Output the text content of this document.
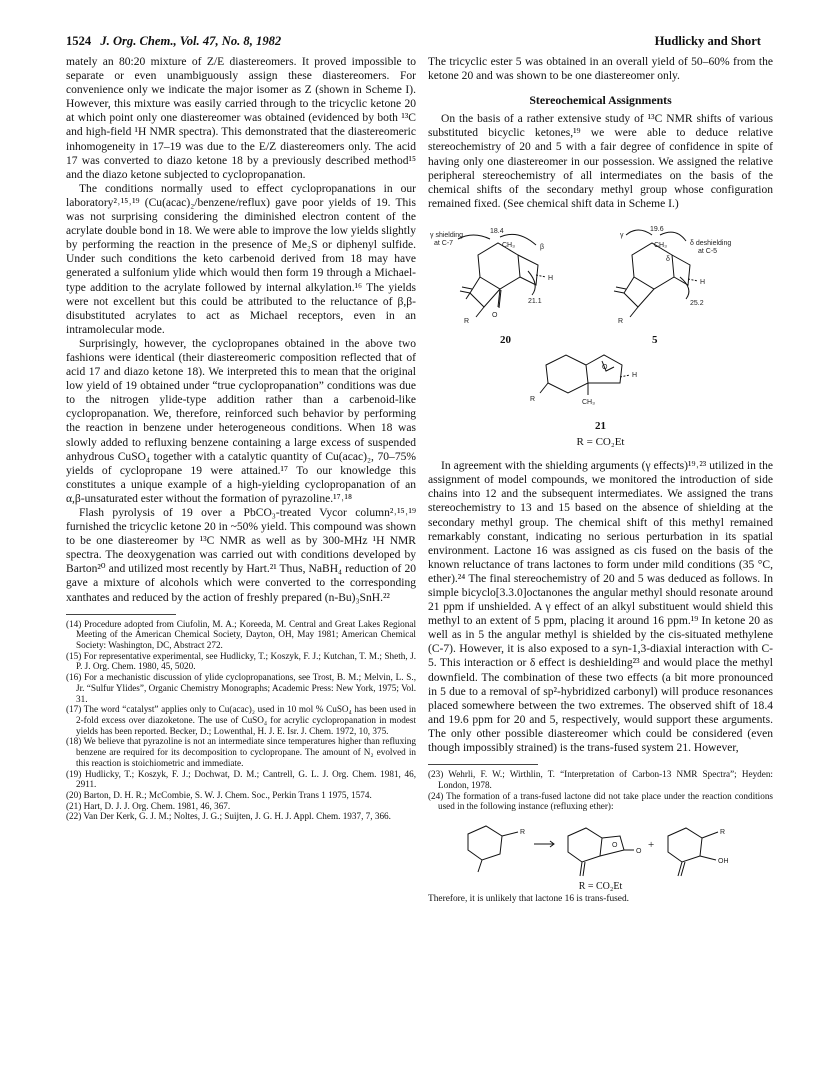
1524 J. Org. Chem., Vol. 47, No. 8, 1982	Hudlicky and Short

mately an 80:20 mixture of Z/E diastereomers. It proved impossible to separate or even unambiguously assign these diastereomers. For convenience only we indicate the major isomer as Z (shown in Scheme I). However, this mixture was easily carried through to the tricyclic ketone 20 at which point only one diastereomer was obtained (evidenced by both ¹³C and high-field ¹H NMR spectra). This demonstrated that the diastereomeric inhomogeneity in 17–19 was due to the E/Z diastereomers only. The acid 17 was converted to diazo ketone 18 by a previously described method¹⁵ and the diazo ketone subjected to cyclopropanation.

The conditions normally used to effect cyclopropanations in our laboratory²˒¹⁵˒¹⁹ (Cu(acac)₂/benzene/reflux) gave poor yields of 19. This was not surprising considering the diminished electron content of the acrylate double bond in 18. We were able to improve the low yields slightly by performing the reaction in the presence of Me₂S or diphenyl sulfide. Under such conditions the keto carbenoid derived from 18 may have generated a sulfonium ylide which would then form 19 through a Michael-type addition to the acrylate followed by internal alkylation.¹⁶ The yields were not excellent but this could be attributed to the reluctance of β,β-disubstituted acrylates to act as Michael receptors, even in an intramolecular mode.

Surprisingly, however, the cyclopropanes obtained in the above two fashions were identical (their diastereomeric composition reflected that of acid 17 and diazo ketone 18). We interpreted this to mean that the original low yield of 19 obtained under “true cyclopropanation” conditions was due to the nitrogen ylide-type addition rather than a carbenoid-like cyclopropanation. We, therefore, reinforced such behavior by performing the reaction in benzene under heterogeneous conditions. When 18 was slowly added to refluxing benzene containing a large excess of suspended anhydrous CuSO₄ together with a catalytic quantity of Cu(acac)₂, 70–75% yields of cyclopropane 19 were attained.¹⁷ To our knowledge this constitutes a unique example of a high-yielding cyclopropanation of an α,β-unsaturated ester without the formation of pyrazoline.¹⁷˒¹⁸

Flash pyrolysis of 19 over a PbCO₃-treated Vycor column²˒¹⁵˒¹⁹ furnished the tricyclic ketone 20 in ~50% yield. This compound was shown to be one diastereomer by ¹³C NMR as well as by 300-MHz ¹H NMR spectra. The deoxygenation was carried out with conditions developed by Barton²⁰ and utilized most recently by Hart.²¹ Thus, NaBH₄ reduction of 20 gave a mixture of alcohols which were converted to the corresponding xanthates and reduced by the action of freshly prepared (n-Bu)₃SnH.²²

(14) Procedure adopted from Ciufolin, M. A.; Koreeda, M. Central and Great Lakes Regional Meeting of the American Chemical Society, Dayton, OH, May 1981; American Chemical Society: Washington, DC, Abstract 272.

(15) For representative experimental, see Hudlicky, T.; Koszyk, F. J.; Kutchan, T. M.; Sheth, J. P. J. Org. Chem. 1980, 45, 5020.

(16) For a mechanistic discussion of ylide cyclopropanations, see Trost, B. M.; Melvin, L. S., Jr. “Sulfur Ylides”, Organic Chemistry Monographs; Academic Press: New York, 1975; Vol. 31.

(17) The word “catalyst” applies only to Cu(acac)₂ used in 10 mol % CuSO₄ has been used in 2-fold excess over diazoketone. The use of CuSO₄ for acrylic cyclopropanation in modest yields has been reported. Becker, D.; Lowenthal, H. J. E. Isr. J. Chem. 1972, 10, 375.

(18) We believe that pyrazoline is not an intermediate since temperatures higher than refluxing benzene are required for its decomposition to cyclopropane. The amount of N₂ evolved in this reaction is stoichiometric and immediate.

(19) Hudlicky, T.; Koszyk, F. J.; Dochwat, D. M.; Cantrell, G. L. J. Org. Chem. 1981, 46, 2911.

(20) Barton, D. H. R.; McCombie, S. W. J. Chem. Soc., Perkin Trans 1 1975, 1574.

(21) Hart, D. J. J. Org. Chem. 1981, 46, 367.

(22) Van Der Kerk, G. J. M.; Noltes, J. G.; Suijten, J. G. H. J. Appl. Chem. 1937, 7, 366.

The tricyclic ester 5 was obtained in an overall yield of 50–60% from the ketone 20 and was shown to be one diastereomer only.

Stereochemical Assignments

On the basis of a rather extensive study of ¹³C NMR shifts of various substituted bicyclic ketones,¹⁹ we were able to deduce relative stereochemistry of 20 and 5 with a fair degree of confidence in spite of having only one diastereomer in our possession. We assigned the relative peripheral stereochemistry of all intermediates on the basis of the chemical shifts of the secondary methyl group whose configuration remained fixed. (See chemical shift data in Scheme I.)

γ shielding
at C-7
18.4
CH₃	β
R
O
H
21.1
20
γ
19.6
CH₃	δ deshielding
at C-5
R
H
25.2
δ
5
O
H
R	CH₃
21
R = CO₂Et

In agreement with the shielding arguments (γ effects)¹⁹˒²³ utilized in the assignment of model compounds, we monitored the introduction of side chains into 12 and the subsequent intermediates. We assigned the trans stereochemistry to 13 and 15 based on the absence of shielding at the secondary methyl group. The chemical shift of this methyl remained remarkably constant, indicating no serious perturbation in its spatial environment. Lactone 16 was assigned as cis fused on the basis of the known reluctance of trans lactones to form under mild conditions (35 °C, ether).²⁴ The final stereochemistry of 20 and 5 was deduced as follows. In simple bicyclo[3.3.0]octanones the angular methyl should resonate around 21 ppm if unshielded. A γ effect of an alkyl substituent would shield this methyl to an extent of 5 ppm, placing it around 16 ppm.¹⁹ In ketone 20 as well as in 5 the angular methyl is shielded by the cis-situated methylene (C-7). However, it is also exposed to a syn-1,3-diaxial interaction with C-5. This interaction or δ effect is deshielding²³ and would place the methyl downfield. The combination of these two effects (a bit more pronounced in 5 due to a removal of sp²-hybridized carbonyl) will produce resonances placed somewhere between the two extremes. The observed shift of 18.4 and 19.6 ppm for 20 and 5, respectively, would support these arguments. The only other possible diastereomer which could be considered (even though impossibly strained) is the trans-fused system 21. However,

(23) Wehrli, F. W.; Wirthlin, T. “Interpretation of Carbon-13 NMR Spectra”; Heyden: London, 1978.

(24) The formation of a trans-fused lactone did not take place under the reaction conditions used in the following instance (refluxing ether):

R
O
O	+
R
OH
R = CO₂Et

Therefore, it is unlikely that lactone 16 is trans-fused.
